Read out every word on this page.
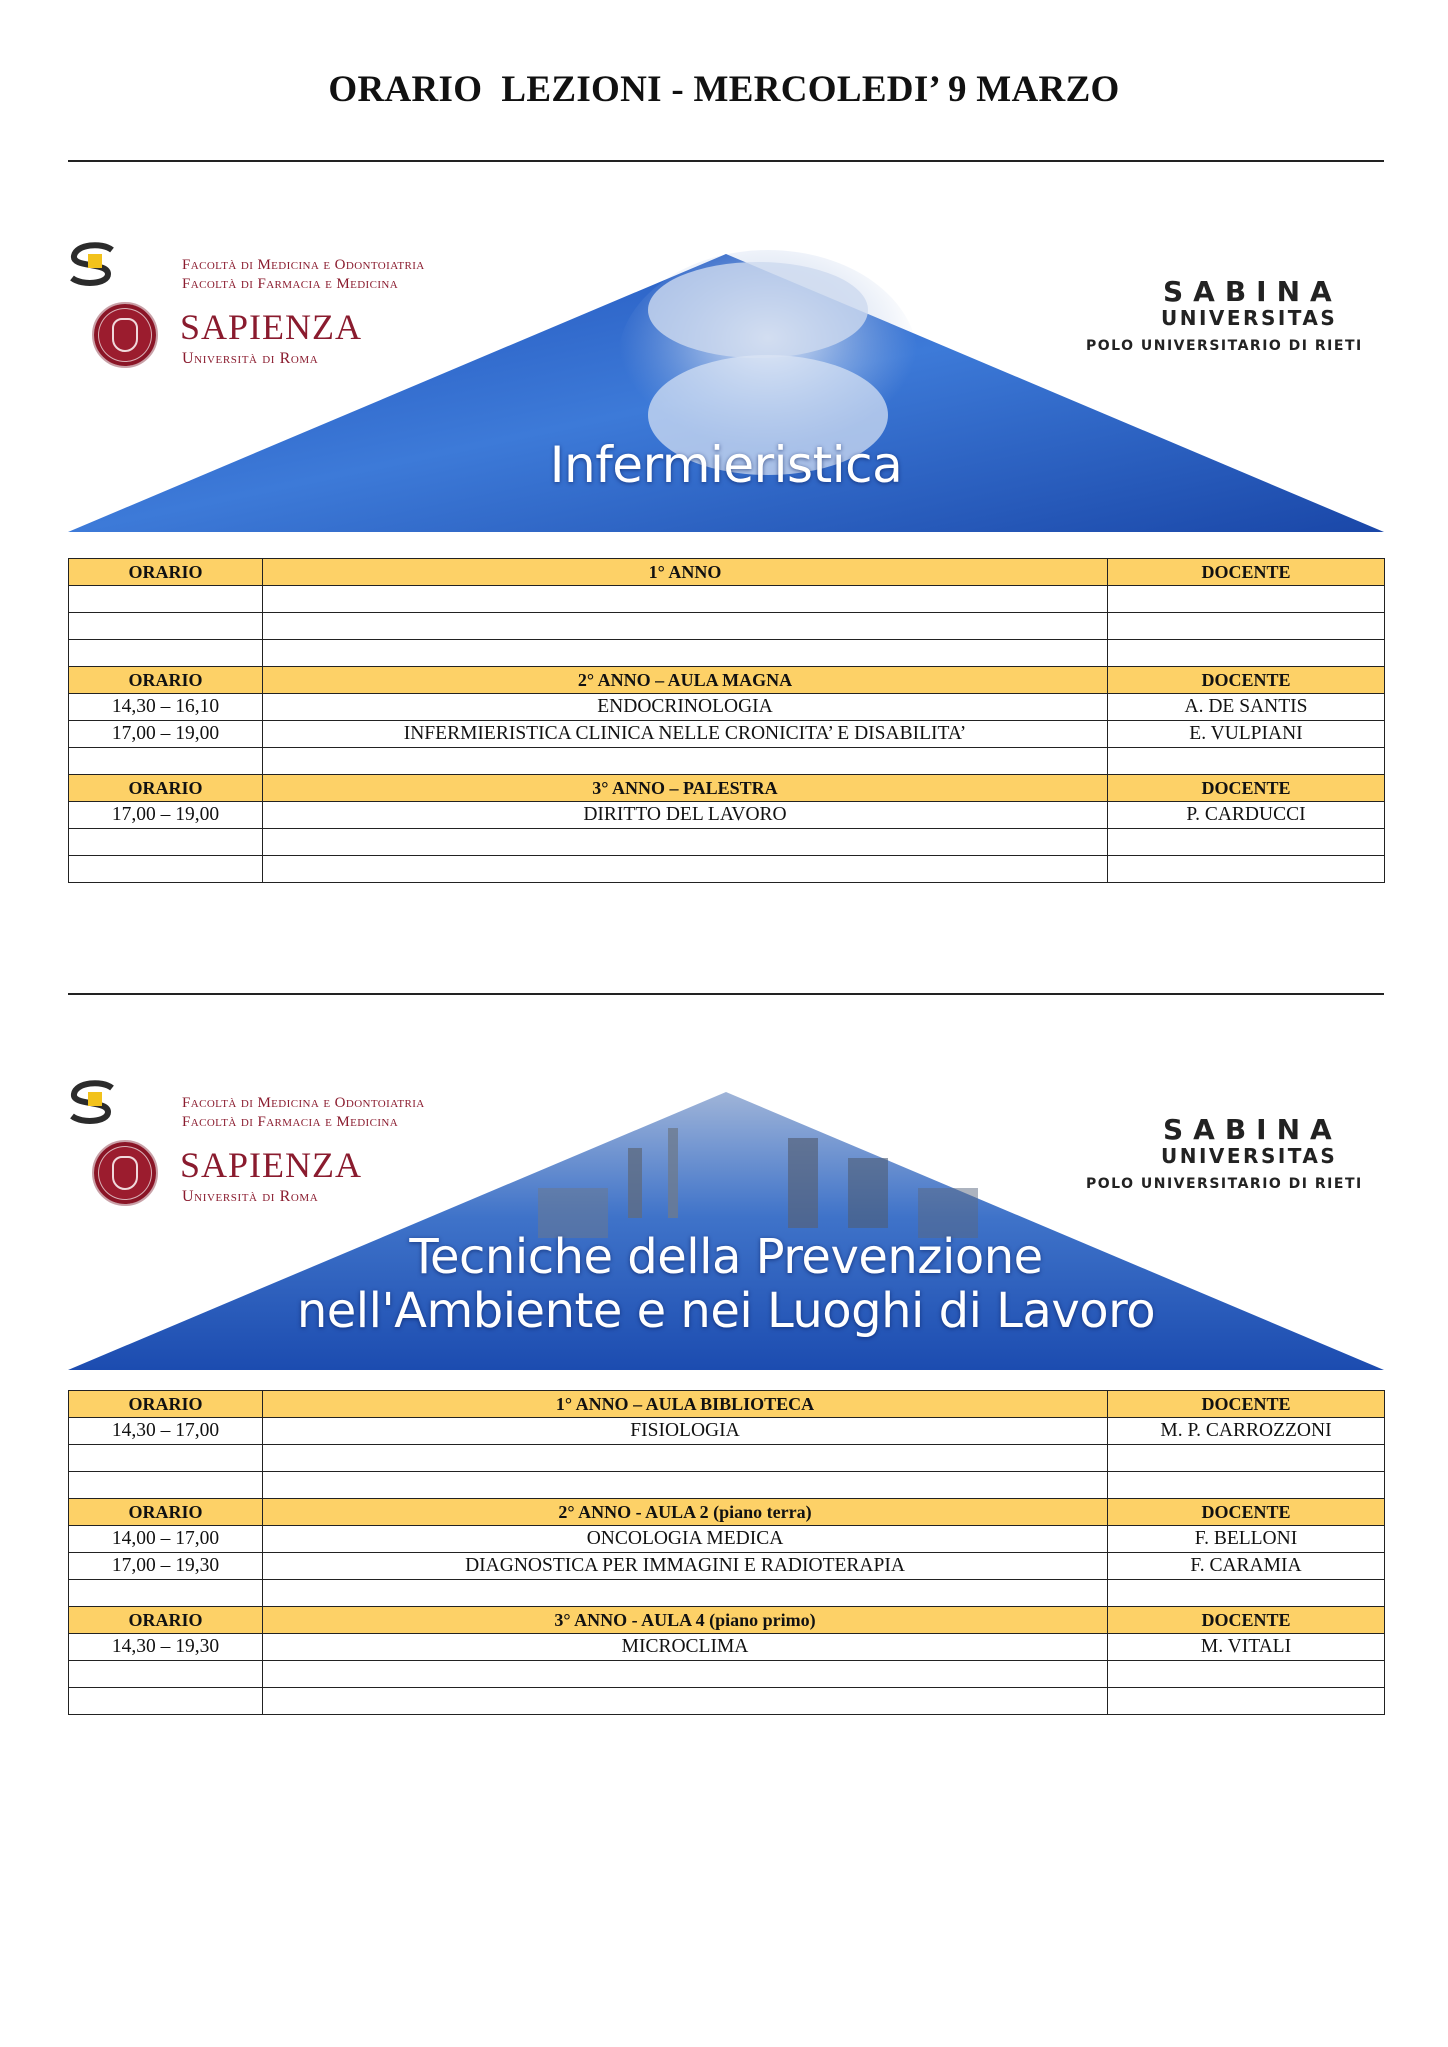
ORARIO  LEZIONI - MERCOLEDI’ 9 MARZO
Facoltà di Medicina e Odontoiatria
Facoltà di Farmacia e Medicina
SAPIENZA
Università di Roma
SABINA
UNIVERSITAS
POLO UNIVERSITARIO DI RIETI
Infermieristica
ORARIO	1° ANNO	DOCENTE

ORARIO	2° ANNO – AULA MAGNA	DOCENTE
14,30 – 16,10	ENDOCRINOLOGIA	A. DE SANTIS
17,00 – 19,00	INFERMIERISTICA CLINICA NELLE CRONICITA’ E DISABILITA’	E. VULPIANI

ORARIO	3° ANNO – PALESTRA	DOCENTE
17,00 – 19,00	DIRITTO DEL LAVORO	P. CARDUCCI

Facoltà di Medicina e Odontoiatria
Facoltà di Farmacia e Medicina
SAPIENZA
Università di Roma
SABINA
UNIVERSITAS
POLO UNIVERSITARIO DI RIETI
Tecniche della Prevenzione
nell'Ambiente e nei Luoghi di Lavoro
ORARIO	1° ANNO – AULA BIBLIOTECA	DOCENTE
14,30 – 17,00	FISIOLOGIA	M. P. CARROZZONI

ORARIO	2° ANNO - AULA 2 (piano terra)	DOCENTE
14,00 – 17,00	ONCOLOGIA MEDICA	F. BELLONI
17,00 – 19,30	DIAGNOSTICA PER IMMAGINI E RADIOTERAPIA	F. CARAMIA

ORARIO	3° ANNO - AULA 4 (piano primo)	DOCENTE
14,30 – 19,30	MICROCLIMA	M. VITALI
